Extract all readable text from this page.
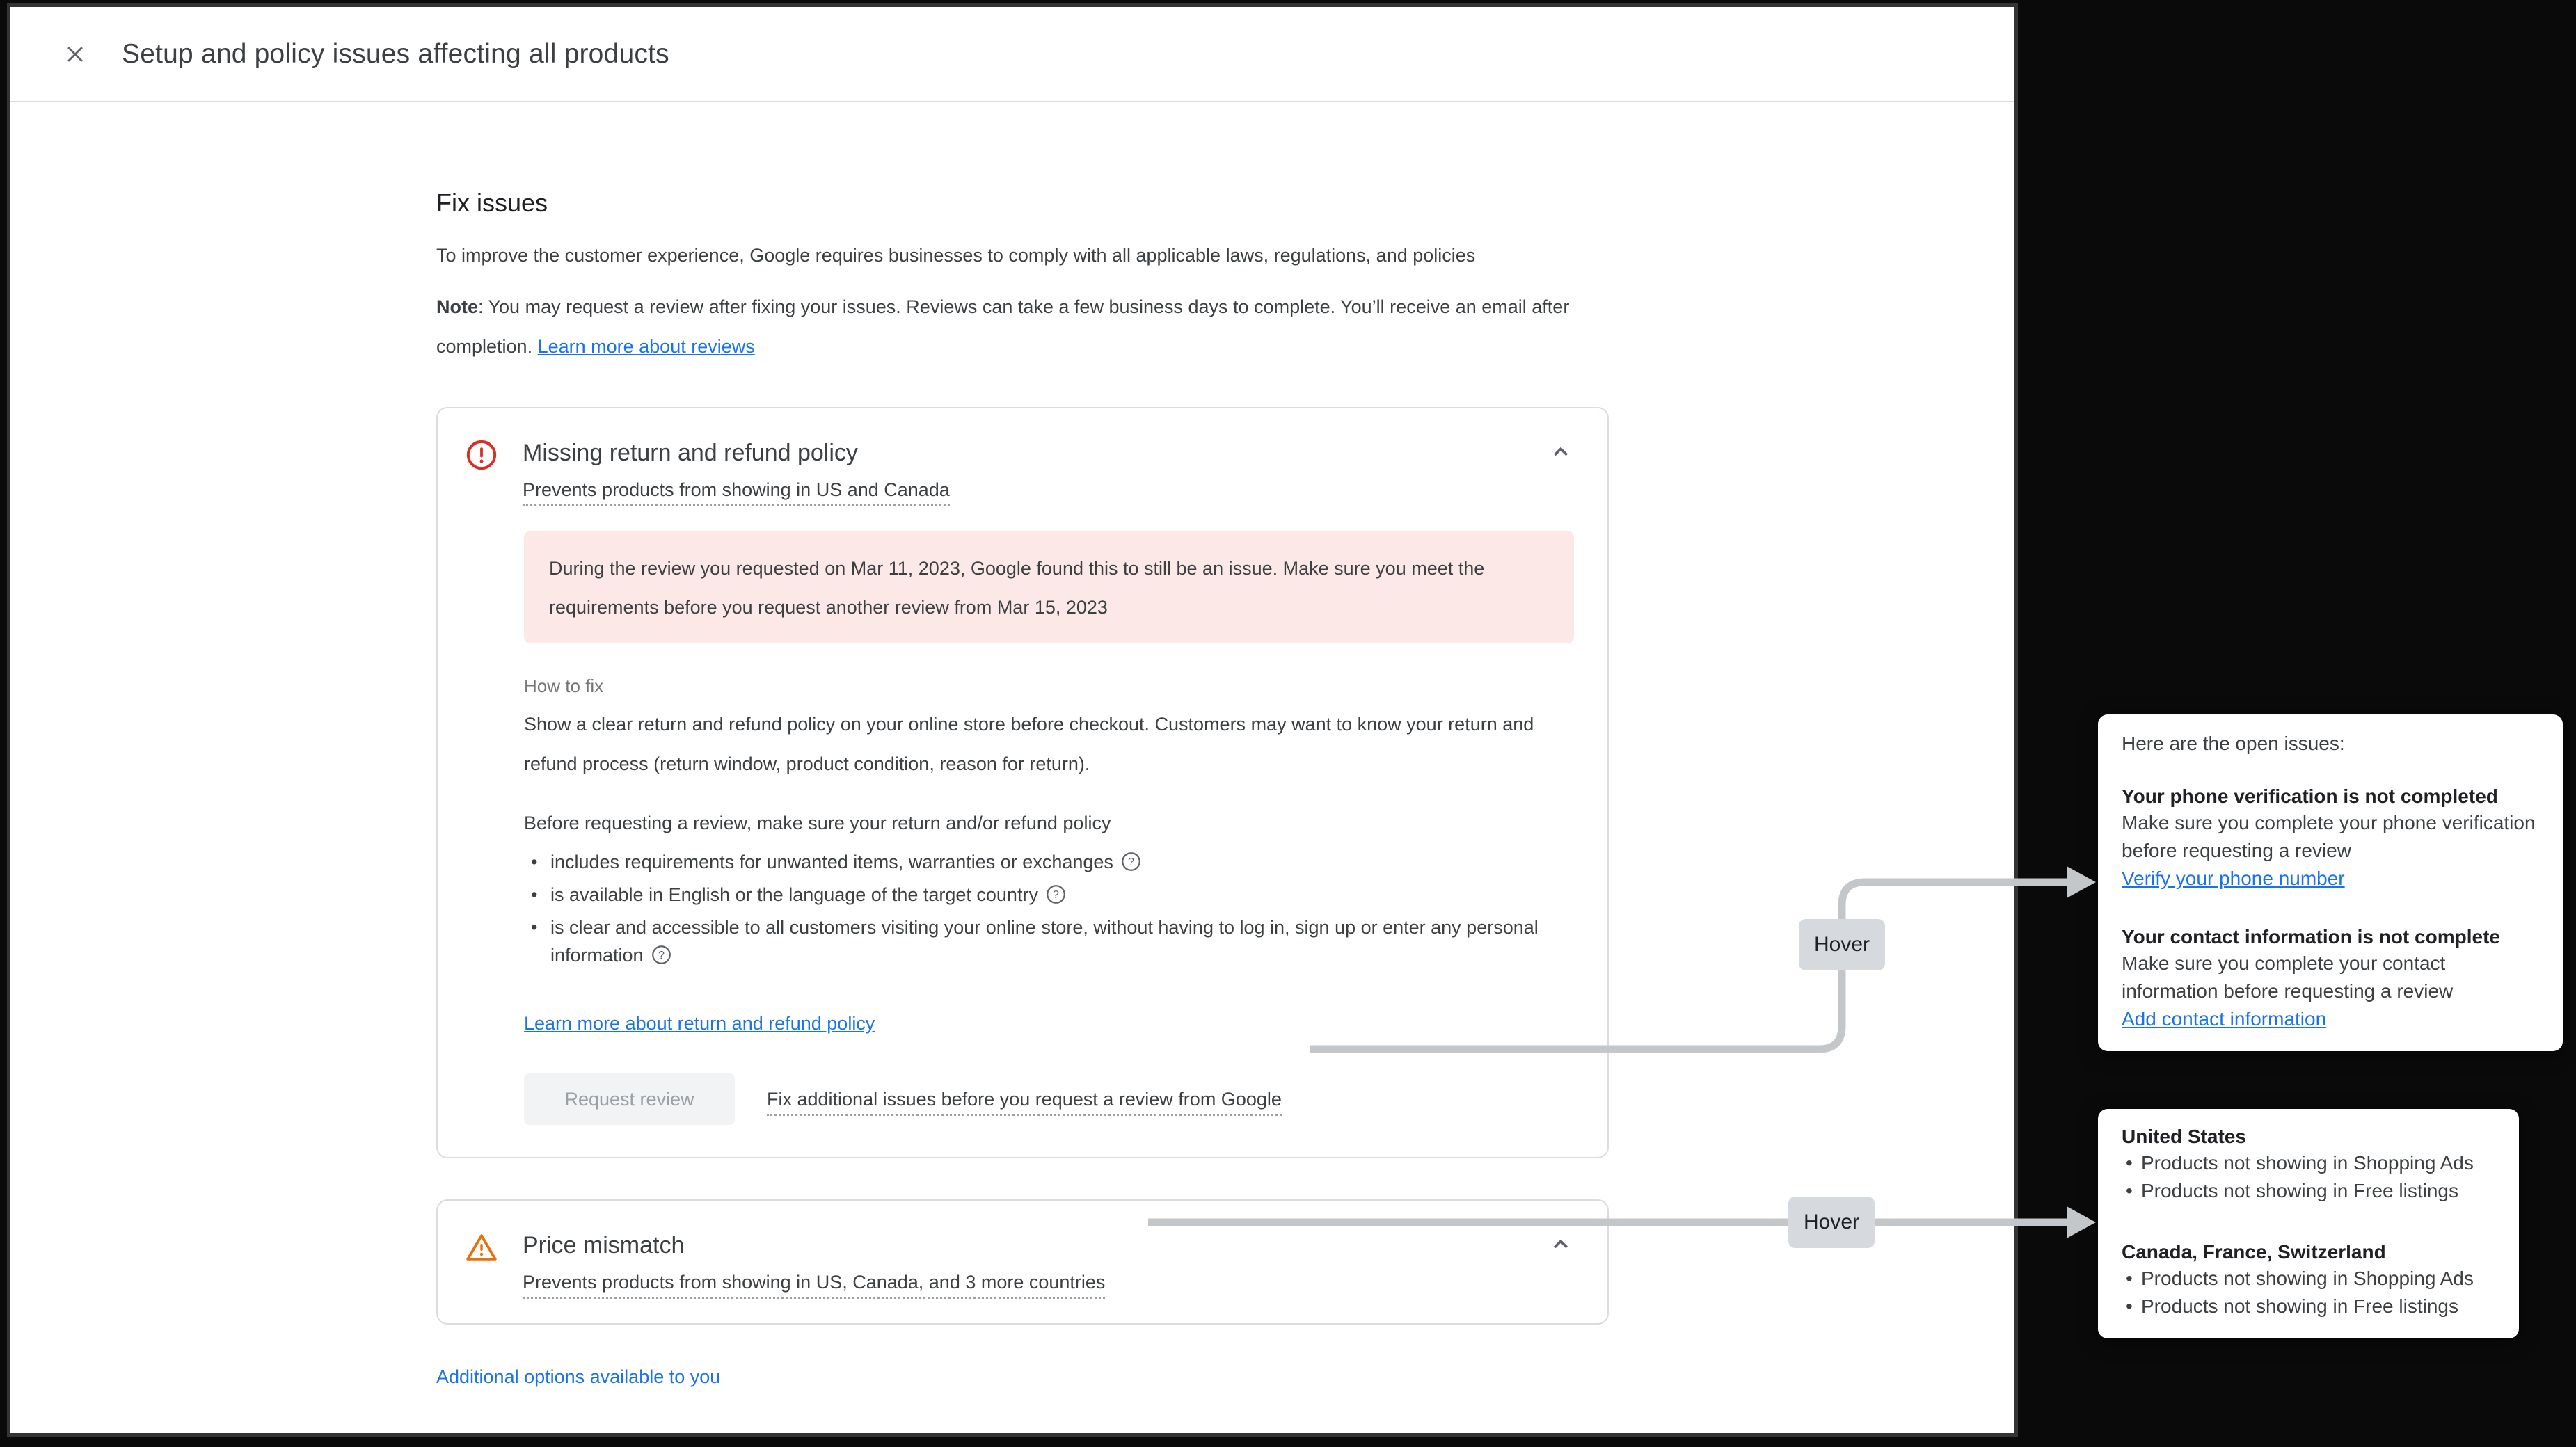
Setup and policy issues affecting all products
Fix issues

To improve the customer experience, Google requires businesses to comply with all applicable laws, regulations, and policies

Note: You may request a review after fixing your issues. Reviews can take a few business days to complete. You’ll receive an email after completion. Learn more about reviews

Missing return and refund policy
Prevents products from showing in US and Canada
During the review you requested on Mar 11, 2023, Google found this to still be an issue. Make sure you meet the requirements before you request another review from Mar 15, 2023
How to fix

Show a clear return and refund policy on your online store before checkout. Customers may want to know your return and refund process (return window, product condition, reason for return).

Before requesting a review, make sure your return and/or refund policy

• includes requirements for unwanted items, warranties or exchanges ?
• is available in English or the language of the target country ?
• is clear and accessible to all customers visiting your online store, without having to log in, sign up or enter any personal information ?
Learn more about return and refund policy
Request review	Fix additional issues before you request a review from Google
Price mismatch
Prevents products from showing in US, Canada, and 3 more countries
Additional options available to you
Hover
Hover

Here are the open issues:

Your phone verification is not completed
Make sure you complete your phone verification before requesting a review
Verify your phone number
Your contact information is not complete
Make sure you complete your contact information before requesting a review
Add contact information
United States
• Products not showing in Shopping Ads
• Products not showing in Free listings
Canada, France, Switzerland
• Products not showing in Shopping Ads
• Products not showing in Free listings
